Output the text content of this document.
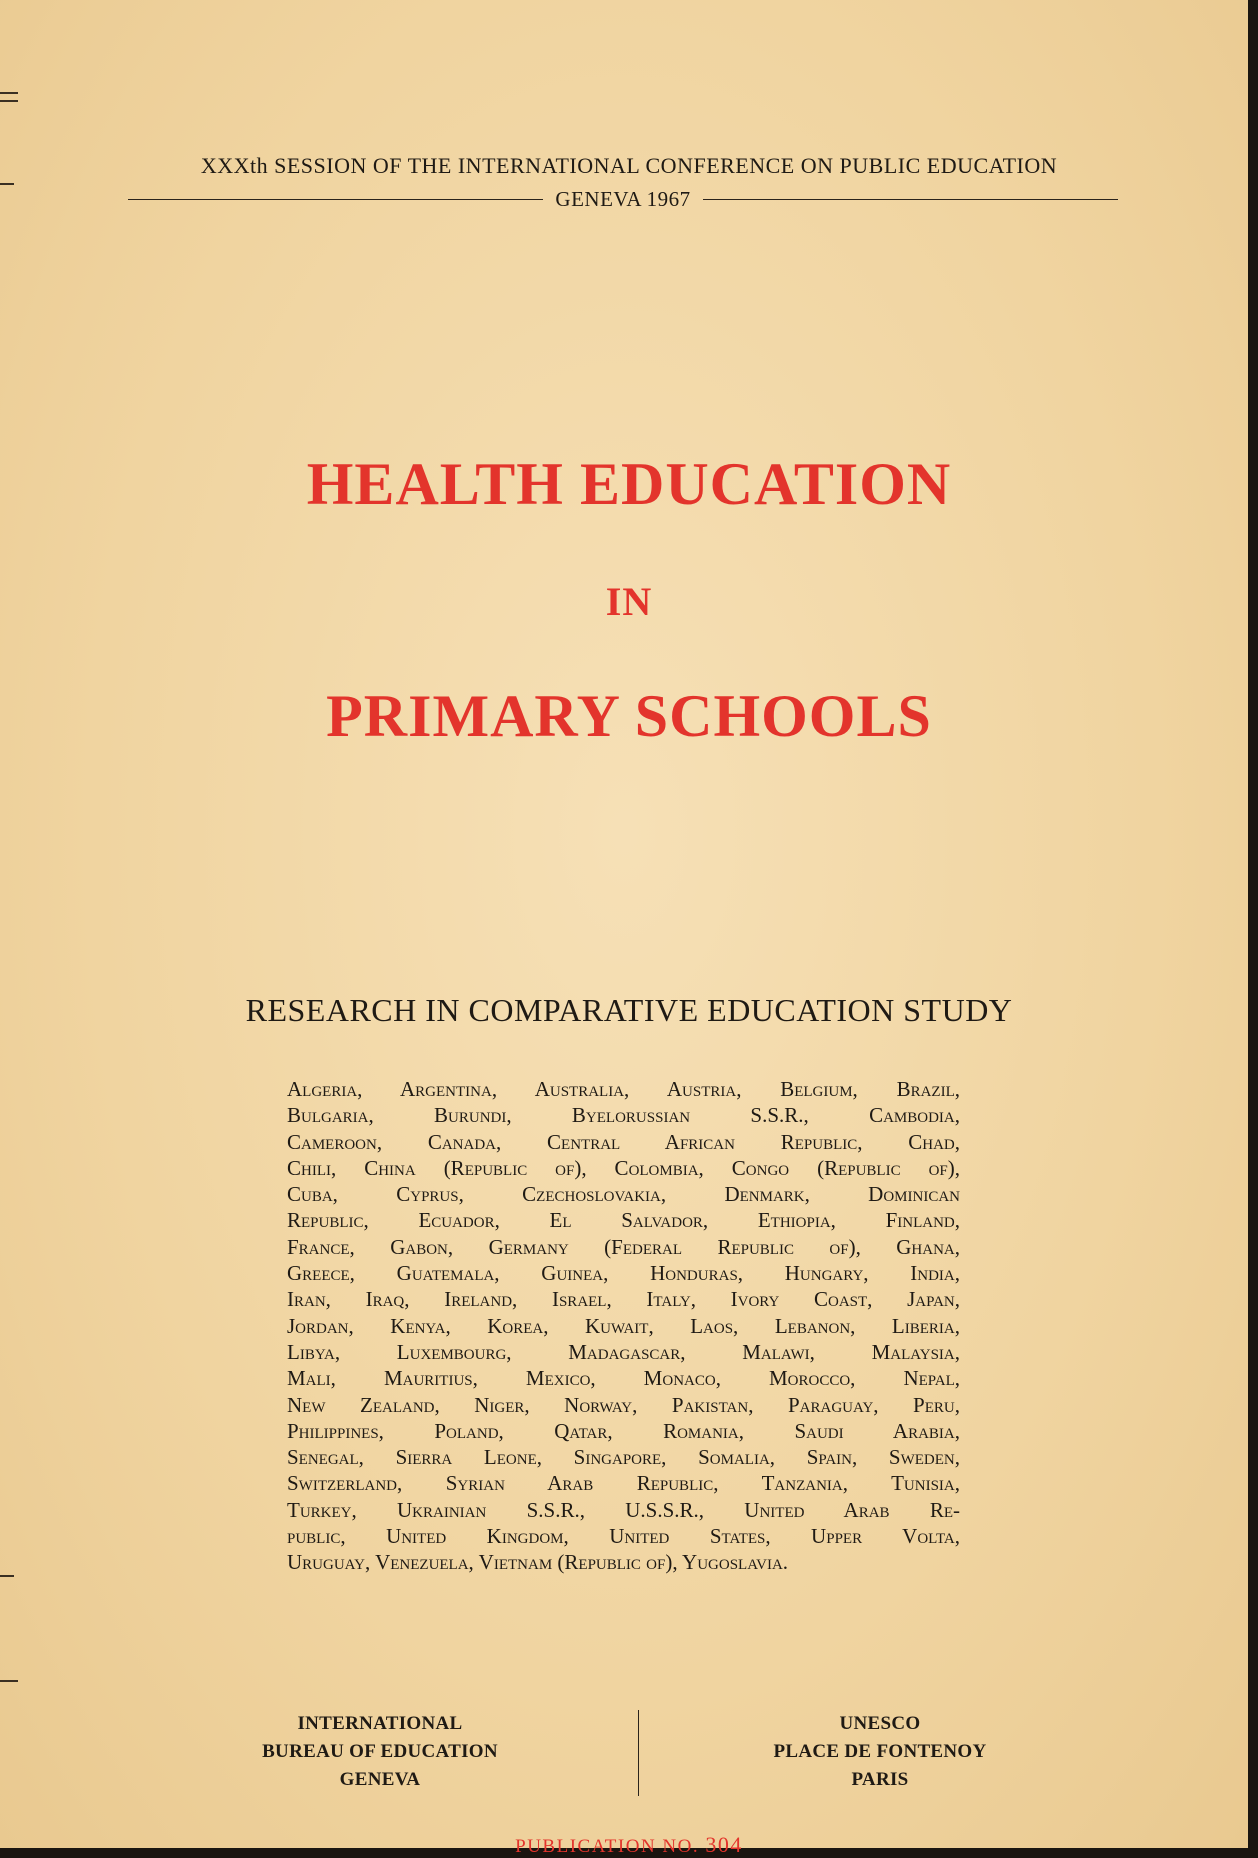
XXXth SESSION OF THE INTERNATIONAL CONFERENCE ON PUBLIC EDUCATION
GENEVA 1967
HEALTH EDUCATION
IN
PRIMARY SCHOOLS
RESEARCH IN COMPARATIVE EDUCATION STUDY
Algeria, Argentina, Australia, Austria, Belgium, Brazil,
Bulgaria, Burundi, Byelorussian S.S.R., Cambodia,
Cameroon, Canada, Central African Republic, Chad,
Chili, China (Republic of), Colombia, Congo (Republic of),
Cuba, Cyprus, Czechoslovakia, Denmark, Dominican
Republic, Ecuador, El Salvador, Ethiopia, Finland,
France, Gabon, Germany (Federal Republic of), Ghana,
Greece, Guatemala, Guinea, Honduras, Hungary, India,
Iran, Iraq, Ireland, Israel, Italy, Ivory Coast, Japan,
Jordan, Kenya, Korea, Kuwait, Laos, Lebanon, Liberia,
Libya, Luxembourg, Madagascar, Malawi, Malaysia,
Mali, Mauritius, Mexico, Monaco, Morocco, Nepal,
New Zealand, Niger, Norway, Pakistan, Paraguay, Peru,
Philippines, Poland, Qatar, Romania, Saudi Arabia,
Senegal, Sierra Leone, Singapore, Somalia, Spain, Sweden,
Switzerland, Syrian Arab Republic, Tanzania, Tunisia,
Turkey, Ukrainian S.S.R., U.S.S.R., United Arab Re-
public, United Kingdom, United States, Upper Volta,
Uruguay, Venezuela, Vietnam (Republic of), Yugoslavia.
INTERNATIONAL
BUREAU OF EDUCATION
GENEVA
UNESCO
PLACE DE FONTENOY
PARIS
PUBLICATION NO. 304
